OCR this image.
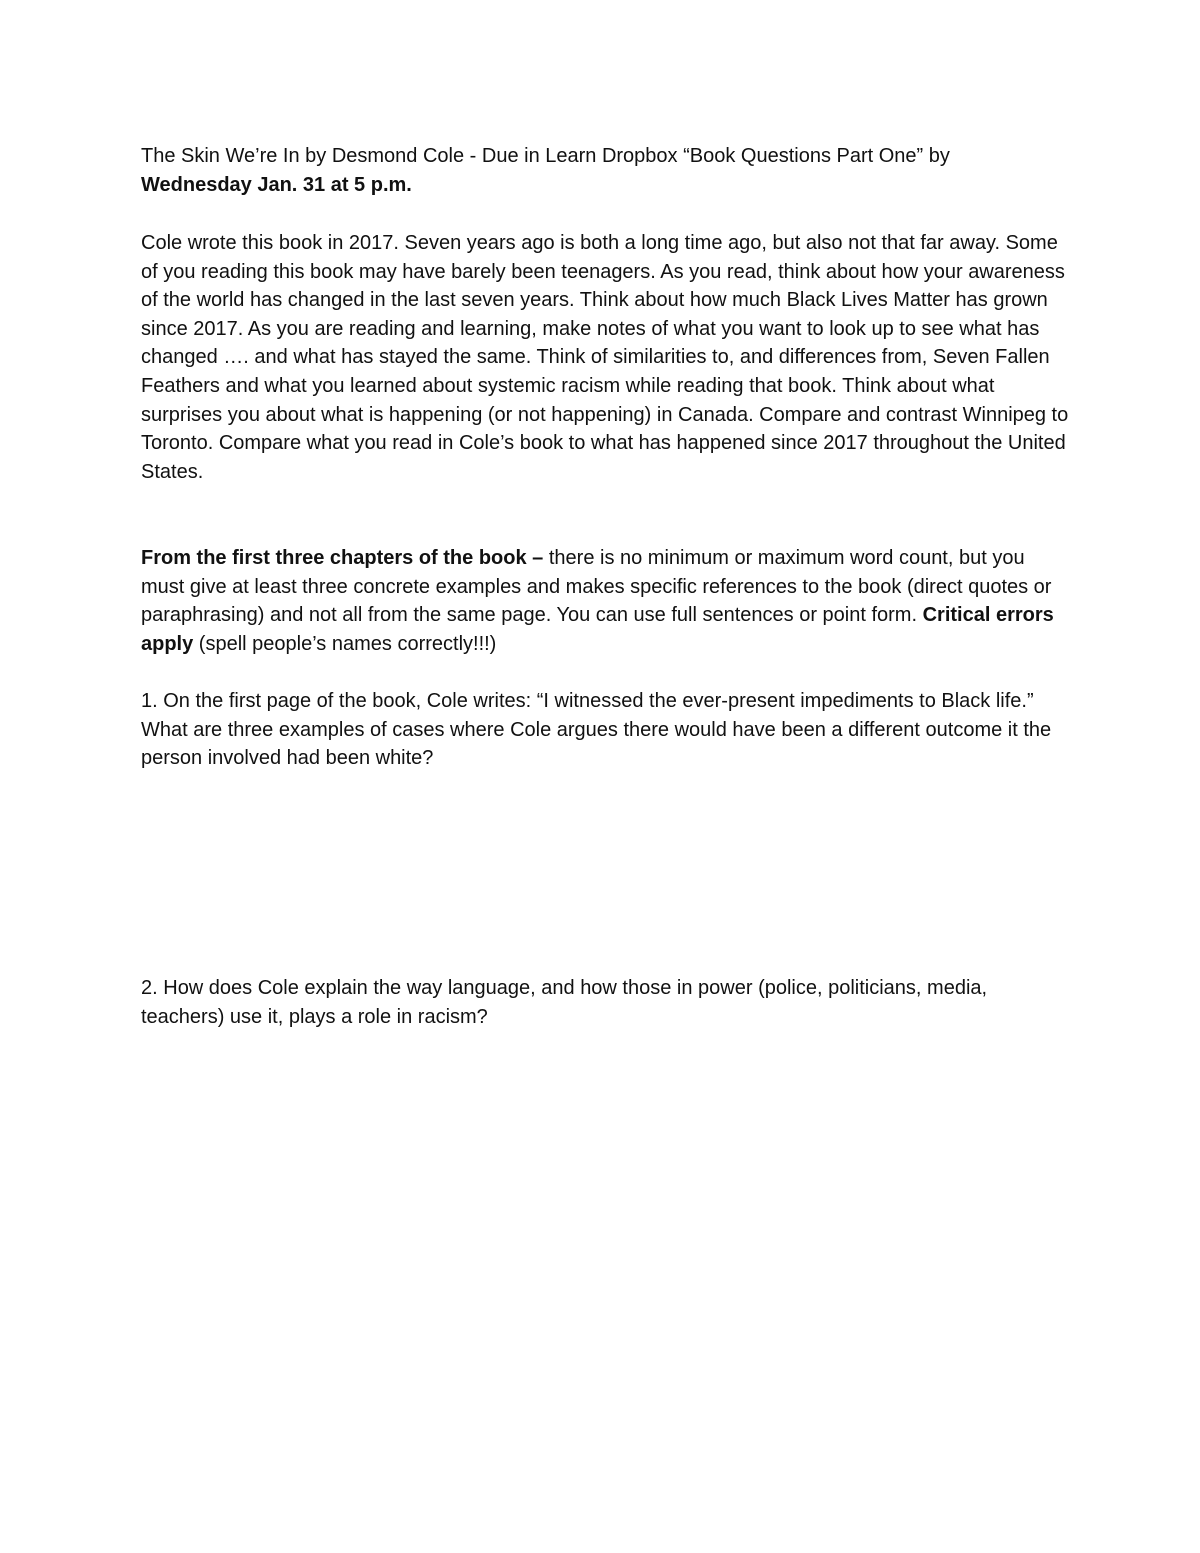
The Skin We’re In by Desmond Cole - Due in Learn Dropbox “Book Questions Part One” by
Wednesday Jan. 31 at 5 p.m.

Cole wrote this book in 2017. Seven years ago is both a long time ago, but also not that far away. Some of you reading this book may have barely been teenagers. As you read, think about how your awareness of the world has changed in the last seven years. Think about how much Black Lives Matter has grown since 2017. As you are reading and learning, make notes of what you want to look up to see what has changed …. and what has stayed the same. Think of similarities to, and differences from, Seven Fallen Feathers and what you learned about systemic racism while reading that book. Think about what surprises you about what is happening (or not happening) in Canada. Compare and contrast Winnipeg to Toronto. Compare what you read in Cole’s book to what has happened since 2017 throughout the United States.

From the first three chapters of the book – there is no minimum or maximum word count, but you must give at least three concrete examples and makes specific references to the book (direct quotes or paraphrasing) and not all from the same page. You can use full sentences or point form. Critical errors apply (spell people’s names correctly!!!)

1. On the first page of the book, Cole writes: “I witnessed the ever-present impediments to Black life.” What are three examples of cases where Cole argues there would have been a different outcome it the person involved had been white?

2. How does Cole explain the way language, and how those in power (police, politicians, media, teachers) use it, plays a role in racism?
